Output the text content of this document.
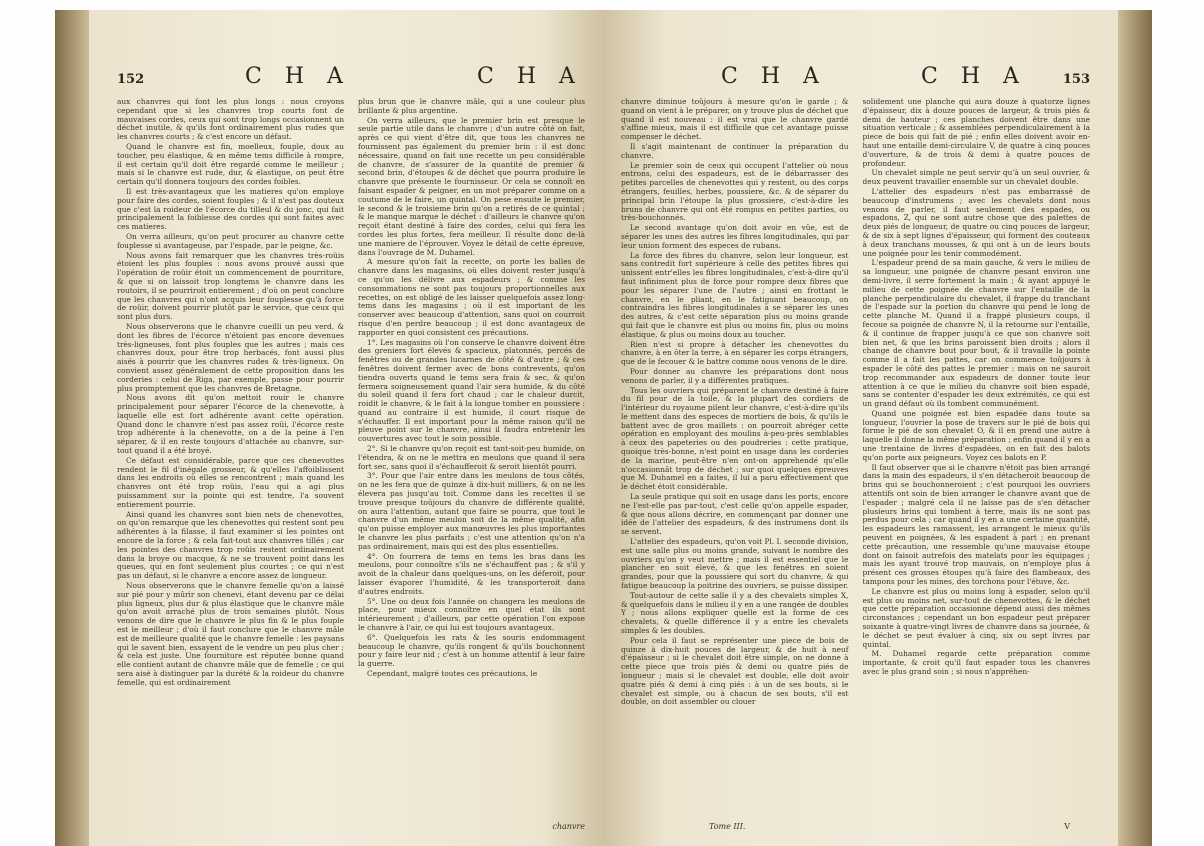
152	C H A	C H A

aux chanvres qui font les plus longs : nous croyons cependant que si les chanvres trop courts font de mauvaises cordes, ceux qui sont trop longs occasionnent un déchet inutile, & qu'ils font ordinairement plus rudes que les chanvres courts ; & c'est encore un défaut.

Quand le chanvre est fin, moelleux, fouple, doux au toucher, peu élastique, & en même tems difficile à rompre, il est certain qu'il doit être regardé comme le meilleur ; mais si le chanvre est rude, dur, & élastique, on peut être certain qu'il donnera toujours des cordes foibles.

Il est très-avantageux que les matieres qu'on employe pour faire des cordes, soient fouples ; & il n'est pas douteux que c'est la roideur de l'écorce du tilleul & du jonc, qui fait principalement la foiblesse des cordes qui sont faites avec ces matieres.

On verra ailleurs, qu'on peut procurer au chanvre cette fouplesse si avantageuse, par l'espade, par le peigne, &c.

Nous avons fait remarquer que les chanvres très-roüis étoient les plus fouples : nous avons prouvé aussi que l'opération de roüir étoit un commencement de pourriture, & que si on laissoit trop longtems le chanvre dans les routoirs, il se pourriroit entierement ; d'où on peut conclure que les chanvres qui n'ont acquis leur fouplesse qu'à force de roüir, doivent pourrir plutôt par le service, que ceux qui sont plus durs.

Nous observerons que le chanvre cueilli un peu verd, & dont les fibres de l'écorce n'étoient pas encore devenues très-ligneuses, font plus fouples que les autres ; mais ces chanvres doux, pour être trop herbacés, font aussi plus aisés à pourrir que les chanvres rudes & très-ligneux. On convient assez généralement de cette proposition dans les corderies : celui de Riga, par exemple, passe pour pourrir plus promptement que les chanvres de Bretagne.

Nous avons dit qu'on mettoit rouir le chanvre principalement pour séparer l'écorce de la chenevotte, à laquelle elle est fort adhérente avant cette opération. Quand donc le chanvre n'est pas assez roüi, l'écorce reste trop adhérente à la chenevotte, on a de la peine à l'en séparer, & il en reste toujours d'attachée au chanvre, sur-tout quand il a été broyé.

Ce défaut est considérable, parce que ces chenevottes rendent le fil d'inégale grosseur, & qu'elles l'affoiblissent dans les endroits où elles se rencontrent ; mais quand les chanvres ont été trop roüis, l'eau qui a agi plus puissamment sur la pointe qui est tendre, l'a souvent entierement pourrie.

Ainsi quand les chanvres sont bien nets de chenevottes, on qu'on remarque que les chenevottes qui restent sont peu adhérentes à la filasse, il faut examiner si les pointes ont encore de la force ; & cela fait-tout aux chanvres tillés ; car les pointes des chanvres trop roüis restent ordinairement dans la broye ou macque, & ne se trouvent point dans les queues, qui en font seulement plus courtes ; ce qui n'est pas un défaut, si le chanvre a encore assez de longueur.

Nous observerons que le chanvre femelle qu'on a laissé sur pié pour y mûrir son chenevi, étant devenu par ce délai plus ligneux, plus dur & plus élastique que le chanvre mâle qu'on avoit arraché plus de trois semaines plutôt. Nous venons de dire que le chanvre le plus fin & le plus fouple est le meilleur ; d'où il faut conclure que le chanvre mâle est de meilleure qualité que le chanvre femelle : les paysans qui le savent bien, essayent de le vendre un peu plus cher ; & cela est juste. Une fourniture est réputée bonne quand elle contient autant de chanvre mâle que de femelle ; ce qui sera aisé à distinguer par la durété & la roideur du chanvre femelle, qui est ordinairement

plus brun que le chanvre mâle, qui a une couleur plus brillante & plus argentine.

On verra ailleurs, que le premier brin est presque le seule partie utile dans le chanvre ; d'un autre côté on fait, après ce qui vient d'être dit, que tous les chanvres ne fournissent pas également du premier brin : il est donc nécessaire, quand on fait une recette un peu considérable de chanvre, de s'assurer de la quantité de premier & second brin, d'étoupes & de déchet que pourra produire le chanvre que présente le fournisseur. Or cela se connoît en faisant espader & peigner, en un mot préparer comme on a coutume de le faire, un quintal. On pese ensuite le premier, le second & le troisieme brin qu'on a retirés de ce quintal ; & le manque marque le déchet : d'ailleurs le chanvre qu'on reçoit étant destiné à faire des cordes, celui qui fera les cordes les plus fortes, fera meilleur. Il résulte donc de-là une maniere de l'éprouver. Voyez le détail de cette épreuve, dans l'ouvrage de M. Duhamel.

A mesure qu'on fait la recette, on porte les balles de chanvre dans les magasins, où elles doivent rester jusqu'à ce qu'on les délivre aux espadeurs ; & comme les consommations ne sont pas toujours proportionnelles aux recettes, on est obligé de les laisser quelquefois assez long-tems dans les magasins ; où il est important de les conserver avec beaucoup d'attention, sans quoi on courroit risque d'en perdre beaucoup ; il est donc avantageux de rapporter en quoi consistent ces précautions.

1°. Les magasins où l'on conserve le chanvre doivent être des greniers fort élevés & spacieux, platonnés, percés de fenêtres ou de grandes lucarnes de côté & d'autre ; & ces fenêtres doivent fermer avec de bons contrevents, qu'on tiendra ouverts quand le tems sera frais & sec, & qu'on fermera soigneusement quand l'air sera humide, & du côté du soleil quand il fera fort chaud ; car le chaleur durcit, roidit le chanvre, & le fait à la longue tomber en poussiere : quand au contraire il est humide, il court risque de s'échauffer. Il est important pour la même raison qu'il ne pleuve point sur le chanvre, ainsi il faudra entretenir les couvertures avec tout le soin possible.

2°. Si le chanvre qu'on reçoit est tant-soit-peu humide, on l'étendra, & on ne le mettra en meulons que quand il sera fort sec, sans quoi il s'échaufferoit & seroit bientôt pourri.

3°. Pour que l'air entre dans les meulons de tous côtés, on ne les fera que de quinze à dix-huit milliers, & on ne les élevera pas jusqu'au toit. Comme dans les recettes il se trouve presque toûjours du chanvre de différente qualité, on aura l'attention, autant que faire se pourra, que tout le chanvre d'un même meulon soit de la même qualité, afin qu'on puisse employer aux manœuvres les plus importantes le chanvre les plus parfaits ; c'est une attention qu'on n'a pas ordinairement, mais qui est des plus essentielles.

4°. On fourrera de tems en tems les bras dans les meulons, pour connoître s'ils ne s'échauffent pas ; & s'il y avoit de la chaleur dans quelques-uns, on les déferoit, pour laisser évaporer l'humidité, & les transporteroit dans d'autres endroits.

5°. Une ou deux fois l'année on changera les meulons de place, pour mieux connoître en quel état ils sont intérieurement ; d'ailleurs, par cette opération l'on expose le chanvre à l'air, ce qui lui est toujours avantageux.

6°. Quelquefois les rats & les souris endommagent beaucoup le chanvre, qu'ils rongent & qu'ils bouchonnent pour y faire leur nid ; c'est à un homme attentif à leur faire la guerre.

Cependant, malgré toutes ces précautions, le

chanvre
C H A	C H A	153

chanvre diminue toûjours à mesure qu'on le garde ; & quand on vient à le préparer, on y trouve plus de déchet que quand il est nouveau : il est vrai que le chanvre gardé s'affine mieux, mais il est difficile que cet avantage puisse compenser le déchet.

Il s'agit maintenant de continuer la préparation du chanvre.

Le premier soin de ceux qui occupent l'attelier où nous entrons, celui des espadeurs, est de le débarrasser des petites parcelles de chenevottes qui y restent, ou des corps étrangers, feuilles, herbes, poussiere, &c. & de séparer du principal brin l'étoupe la plus grossiere, c'est-à-dire les bruns de chanvre qui ont été rompus en petites parties, ou très-bouchonnés.

Le second avantage qu'on doit avoir en vûe, est de séparer les unes des autres les fibres longitudinales, qui par leur union forment des especes de rubans.

La force des fibres du chanvre, selon leur longueur, est sans contredit fort supérieure à celle des petites fibres qui unissent entr'elles les fibres longitudinales, c'est-à-dire qu'il faut infiniment plus de force pour rompre deux fibres que pour les séparer l'une de l'autre ; ainsi en frottant le chanvre, en le pliant, en le fatiguant beaucoup, on contraindra les fibres longitudinales à se séparer les unes des autres, & c'est cette séparation plus ou moins grande qui fait que le chanvre est plus ou moins fin, plus ou moins élastique, & plus ou moins doux au toucher.

Rien n'est si propre à détacher les chenevottes du chanvre, à en ôter la terre, à en séparer les corps étrangers, que de le fecouer & le battre comme nous venons de le dire.

Pour donner au chanvre les préparations dont nous venons de parler, il y a différentes pratiques.

Tous les ouvriers qui préparent le chanvre destiné à faire du fil pour de la toile, & la plupart des cordiers de l'intérieur du royaume pilent leur chanvre, c'est-à-dire qu'ils le mettent dans des especes de mortiers de bois, & qu'ils le battent avec de gros maillets : on pourroit abréger cette opération en employant des moulins à-peu-près semblables à ceux des papeteries ou des poudreries : cette pratique, quoique très-bonne, n'est point en usage dans les corderies de la marine, peut-être n'en ont-on apprehendé qu'elle n'occasionnât trop de déchet ; sur quoi quelques épreuves que M. Duhamel en a faites, il lui a paru effectivement que le déchet étoit considérable.

La seule pratique qui soit en usage dans les ports, encore ne l'est-elle pas par-tout, c'est celle qu'on appelle espader, & que nous allons décrire, en commençant par donner une idée de l'attelier des espadeurs, & des instrumens dont ils se servent.

L'attelier des espadeurs, qu'on voit Pl. I. seconde division, est une salle plus ou moins grande, suivant le nombre des ouvriers qu'on y veut mettre ; mais il est essentiel que le plancher en soit élevé, & que les fenêtres en soient grandes, pour que la poussiere qui sort du chanvre, & qui fatigue beaucoup la poitrine des ouvriers, se puisse dissiper.

Tout-autour de cette salle il y a des chevalets simples X, & quelquefois dans le milieu il y en a une rangée de doubles Y ; nous allons expliquer quelle est la forme de ces chevalets, & quelle différence il y a entre les chevalets simples & les doubles.

Pour cela il faut se représenter une piece de bois de quinze à dix-huit pouces de largeur, & de huit à neuf d'épaisseur ; si le chevalet doit être simple, on ne donne à cette piece que trois piés & demi ou quatre piés de longueur ; mais si le chevalet est double, elle doit avoir quatre piés & demi à cinq piés : à un de ses bouts, si le chevalet est simple, ou à chacun de ses bouts, s'il est double, on doit assembler ou clouer

solidement une planche qui aura douze à quatorze lignes d'épaisseur, dix à douze pouces de largeur, & trois piés & demi de hauteur ; ces planches doivent être dans une situation verticale ; & assemblées perpendiculairement à la piece de bois qui fait de pié ; enfin elles doivent avoir en-haut une entaille demi-circulaire V, de quatre à cinq pouces d'ouverture, & de trois & demi à quatre pouces de profondeur.

Un chevalet simple ne peut servir qu'à un seul ouvrier, & deux peuvent travailler ensemble sur un chevalet double.

L'attelier des espadeurs n'est pas embarrassé de beaucoup d'instrumens ; avec les chevalets dont nous venons de parler, il faut seulement des espades, ou espadons, Z, qui ne sont autre chose que des palettes de deux piés de longueur, de quatre ou cinq pouces de largeur, & de six à sept lignes d'épaisseur, qui forment des couteaux à deux tranchans mousses, & qui ont à un de leurs bouts une poignée pour les tenir commodément.

L'espadeur prend de sa main gauche, & vers le milieu de sa longueur, une poignée de chanvre pesant environ une demi-livre, il serre fortement la main ; & ayant appuyé le milieu de cette poignée de chanvre sur l'entaille de la planche perpendiculaire du chevalet, il frappe du tranchant de l'espade sur la portion du chanvre qui pend le long de cette planche M. Quand il a frappé plusieurs coups, il fecoue sa poignée de chanvre N, il la retourne sur l'entaille, & il continue de frapper jusqu'à ce que son chanvre soit bien net, & que les brins paroissent bien droits ; alors il change de chanvre bout pour bout, & il travaille la pointe comme il a fait les pattes, car on commence toûjours à espader le côté des pattes le premier : mais on ne sauroit trop recommander aux espadeurs de donner toute leur attention à ce que le milieu du chanvre soit bien espadé, sans se contenter d'espader les deux extrémités, ce qui est un grand défaut où ils tombent communément.

Quand une poignée est bien espadée dans toute sa longueur, l'ouvrier la pose de travers sur le pié de bois qui forme le pié de son chevalet O, & il en prend une autre à laquelle il donne la même préparation ; enfin quand il y en a une trentaine de livres d'espadées, on en fait des balots qu'on porte aux peigneurs. Voyez ces balots en P.

Il faut observer que si le chanvre n'étoit pas bien arrangé dans la main des espadeurs, il s'en détacheroit beaucoup de brins qui se bouchonneroient ; c'est pourquoi les ouvriers attentifs ont soin de bien arranger le chanvre avant que de l'espader ; malgré cela il ne laisse pas de s'en détacher plusieurs brins qui tombent à terre, mais ils ne sont pas perdus pour cela ; car quand il y en a une certaine quantité, les espadeurs les ramassent, les arrangent le mieux qu'ils peuvent en poignées, & les espadent à part ; en prenant cette précaution, une ressemble qu'une mauvaise étoupe dont on faisoit autrefois des matelats pour les équipages ; mais les ayant trouvé trop mauvais, on n'employe plus à présent ces grosses étoupes qu'à faire des flambeaux, des tampons pour les mines, des torchons pour l'étuve, &c.

Le chanvre est plus ou moins long à espader, selon qu'il est plus ou moins net, sur-tout de chenevottes, & le déchet que cette préparation occasionne dépend aussi des mêmes circonstances ; cependant un bon espadeur peut préparer soixante à quatre-vingt livres de chanvre dans sa journée, & le déchet se peut évaluer à cinq, six ou sept livres par quintal.

M. Duhamel regarde cette préparation comme importante, & croit qu'il faut espader tous les chanvres avec le plus grand soin ; si nous n'appréhen-

Tome III.	V
